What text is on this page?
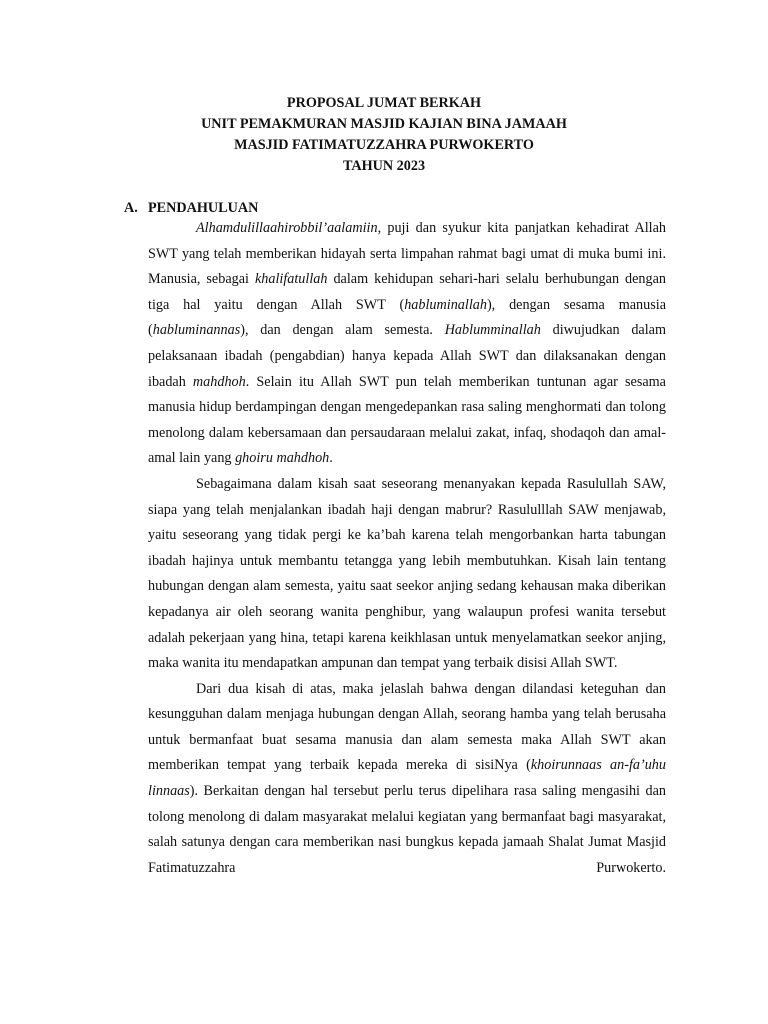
PROPOSAL JUMAT BERKAH
UNIT PEMAKMURAN MASJID KAJIAN BINA JAMAAH
MASJID FATIMATUZZAHRA PURWOKERTO
TAHUN 2023
A. PENDAHULUAN

Alhamdulillaahirobbil’aalamiin, puji dan syukur kita panjatkan kehadirat Allah SWT yang telah memberikan hidayah serta limpahan rahmat bagi umat di muka bumi ini. Manusia, sebagai khalifatullah dalam kehidupan sehari-hari selalu berhubungan dengan tiga hal yaitu dengan Allah SWT (habluminallah), dengan sesama manusia (habluminannas), dan dengan alam semesta. Hablumminallah diwujudkan dalam pelaksanaan ibadah (pengabdian) hanya kepada Allah SWT dan dilaksanakan dengan ibadah mahdhoh. Selain itu Allah SWT pun telah memberikan tuntunan agar sesama manusia hidup berdampingan dengan mengedepankan rasa saling menghormati dan tolong menolong dalam kebersamaan dan persaudaraan melalui zakat, infaq, shodaqoh dan amal-amal lain yang ghoiru mahdhoh.

Sebagaimana dalam kisah saat seseorang menanyakan kepada Rasulullah SAW, siapa yang telah menjalankan ibadah haji dengan mabrur? Rasululllah SAW menjawab, yaitu seseorang yang tidak pergi ke ka’bah karena telah mengorbankan harta tabungan ibadah hajinya untuk membantu tetangga yang lebih membutuhkan. Kisah lain tentang hubungan dengan alam semesta, yaitu saat seekor anjing sedang kehausan maka diberikan kepadanya air oleh seorang wanita penghibur, yang walaupun profesi wanita tersebut adalah pekerjaan yang hina, tetapi karena keikhlasan untuk menyelamatkan seekor anjing, maka wanita itu mendapatkan ampunan dan tempat yang terbaik disisi Allah SWT.

Dari dua kisah di atas, maka jelaslah bahwa dengan dilandasi keteguhan dan kesungguhan dalam menjaga hubungan dengan Allah, seorang hamba yang telah berusaha untuk bermanfaat buat sesama manusia dan alam semesta maka Allah SWT akan memberikan tempat yang terbaik kepada mereka di sisiNya (khoirunnaas an-fa’uhu linnaas). Berkaitan dengan hal tersebut perlu terus dipelihara rasa saling mengasihi dan tolong menolong di dalam masyarakat melalui kegiatan yang bermanfaat bagi masyarakat, salah satunya dengan cara memberikan nasi bungkus kepada jamaah Shalat Jumat Masjid Fatimatuzzahra Purwokerto.
